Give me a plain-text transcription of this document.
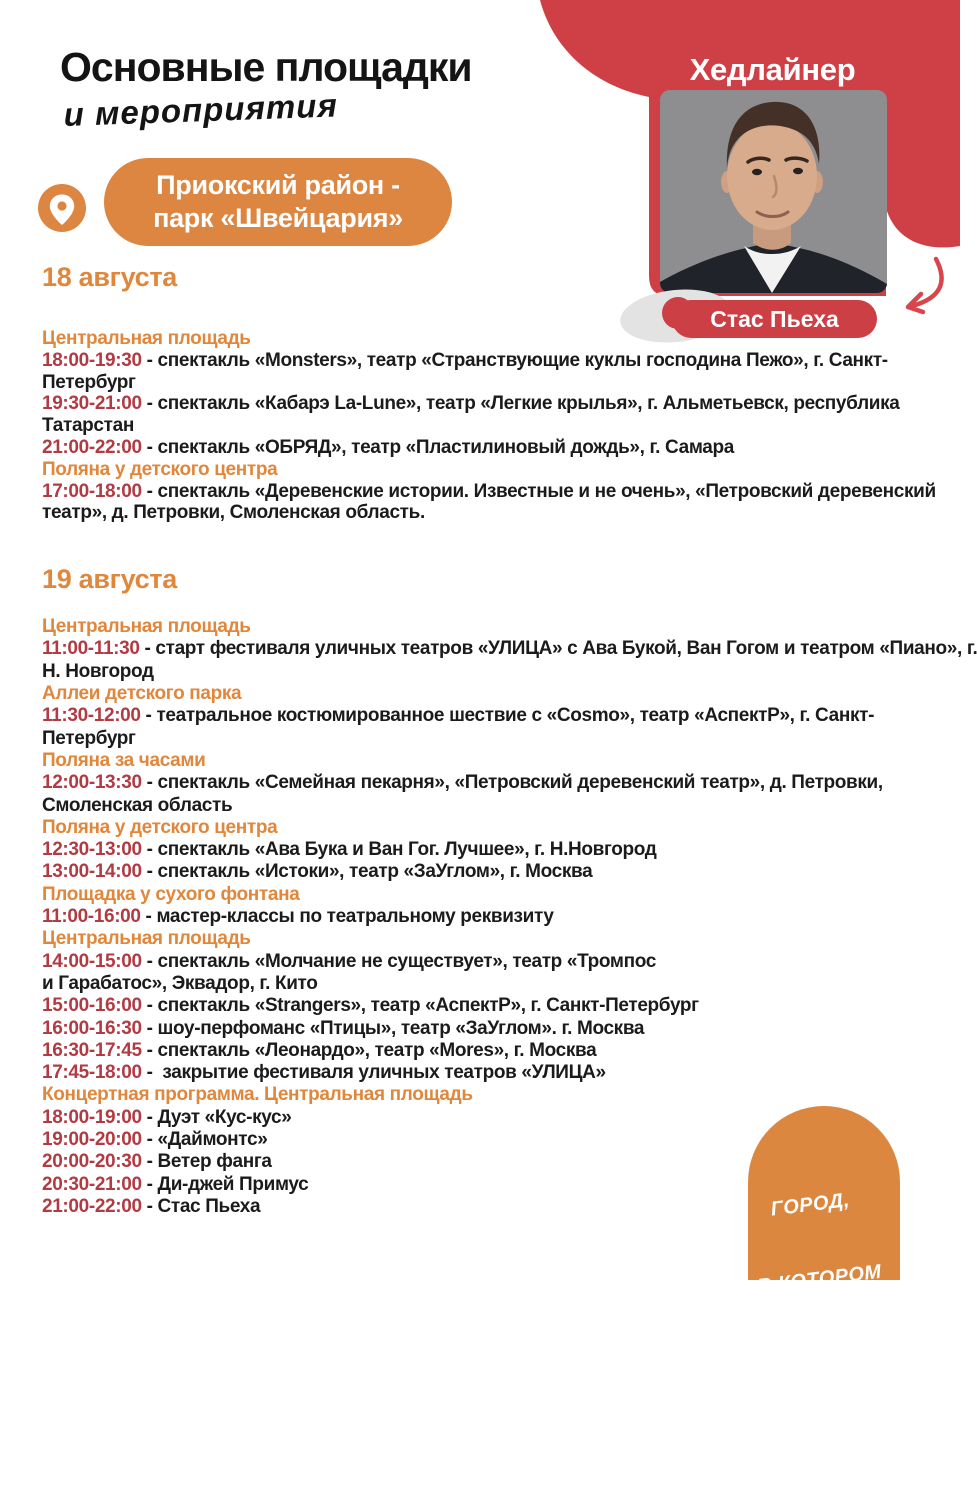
Хедлайнер
Стас Пьеха
Основные площадки
и мероприятия
Приокский район -
парк «Швейцария»
18 августа
Центральная площадь
18:00-19:30 - спектакль «Monsters», театр «Странствующие куклы господина Пежо», г. Санкт-
Петербург
19:30-21:00 - спектакль «Кабарэ La-Lune», театр «Легкие крылья», г. Альметьевск, республика
Татарстан
21:00-22:00 - спектакль «ОБРЯД», театр «Пластилиновый дождь», г. Самара
Поляна у детского центра
17:00-18:00 - спектакль «Деревенские истории. Известные и не очень», «Петровский деревенский
театр», д. Петровки, Смоленская область.
19 августа
Центральная площадь
11:00-11:30 - старт фестиваля уличных театров «УЛИЦА» с Ава Букой, Ван Гогом и театром «Пиано», г.
Н. Новгород
Аллеи детского парка
11:30-12:00 - театральное костюмированное шествие с «Cosmo», театр «АспектР», г. Санкт-
Петербург
Поляна за часами
12:00-13:30 - спектакль «Семейная пекарня», «Петровский деревенский театр», д. Петровки,
Смоленская область
Поляна у детского центра
12:30-13:00 - спектакль «Ава Бука и Ван Гог. Лучшее», г. Н.Новгород
13:00-14:00 - спектакль «Истоки», театр «ЗаУглом», г. Москва
Площадка у сухого фонтана
11:00-16:00 - мастер-классы по театральному реквизиту
Центральная площадь
14:00-15:00 - спектакль «Молчание не существует», театр «Тромпос
и Гарабатос», Эквадор, г. Кито
15:00-16:00 - спектакль «Strangers», театр «АспектР», г. Санкт-Петербург
16:00-16:30 - шоу-перфоманс «Птицы», театр «ЗаУглом». г. Москва
16:30-17:45 - спектакль «Леонардо», театр «Mores», г. Москва
17:45-18:00 -  закрытие фестиваля уличных театров «УЛИЦА»
Концертная программа. Центральная площадь
18:00-19:00 - Дуэт «Кус-кус»
19:00-20:00 - «Даймонтс»
20:00-20:30 - Ветер фанга
20:30-21:00 - Ди-джей Примус
21:00-22:00 - Стас Пьеха

	ГОРОД,

В КОТОРОМ

ЧУВСТВУЕШЬ

ЖИЗНЬ
